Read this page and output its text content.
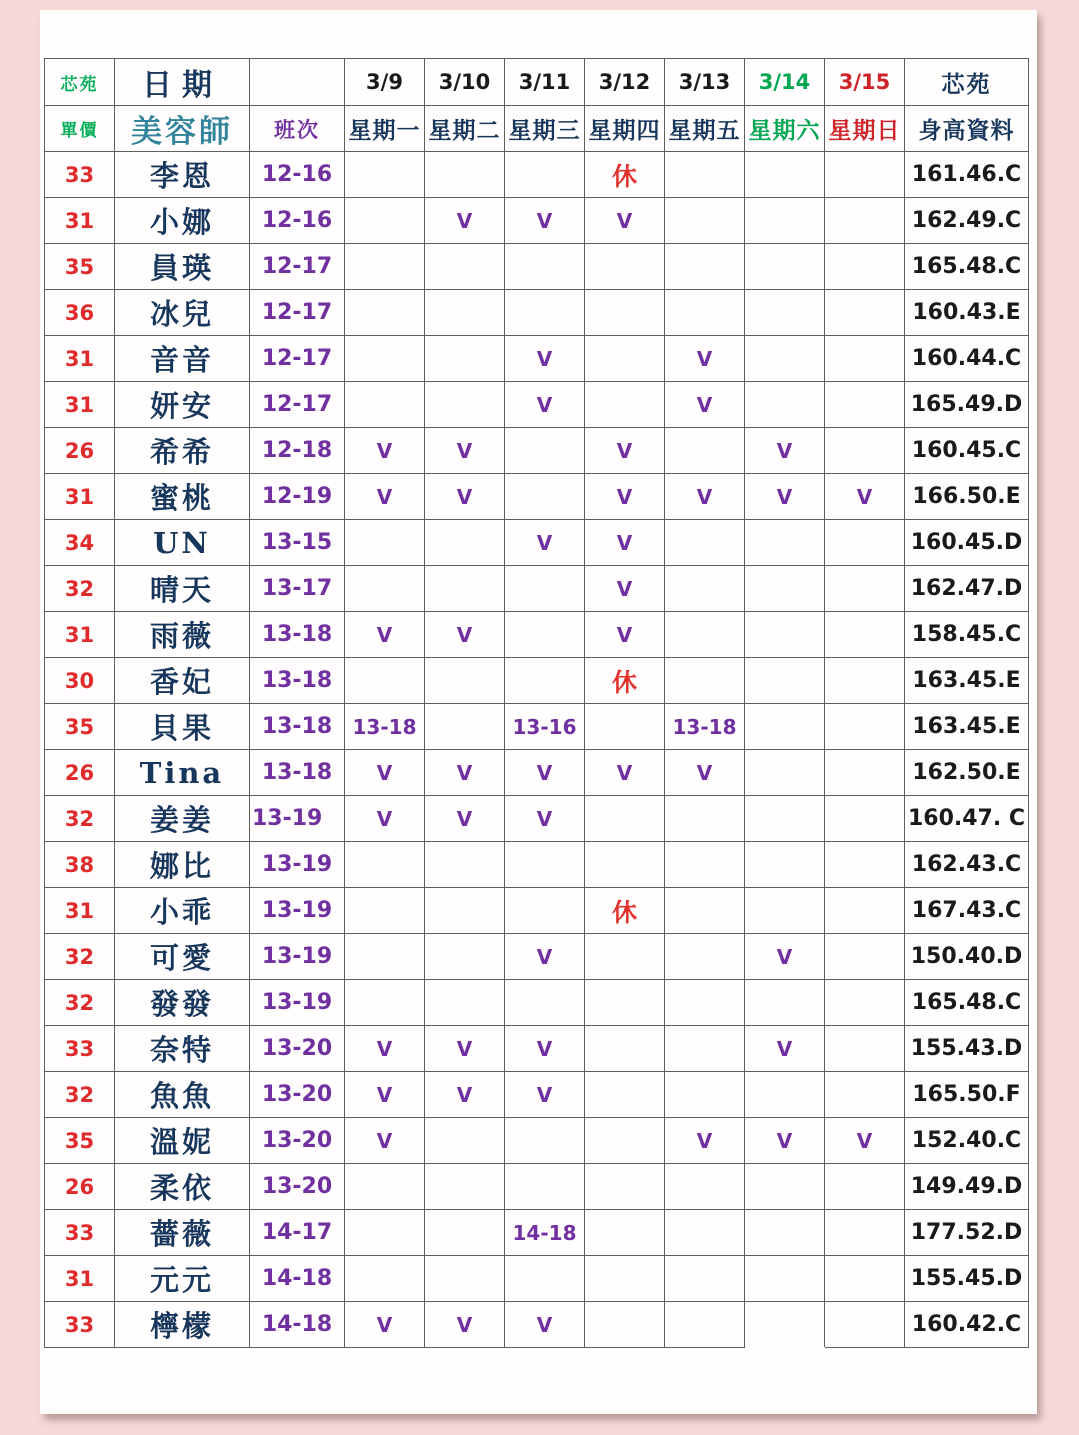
芯苑	日期		3/9	3/10	3/11	3/12	3/13	3/14	3/15	芯苑
單價	美容師	班次	星期一	星期二	星期三	星期四	星期五	星期六	星期日	身高資料
33	李恩	12-16				休				161.46.C
31	小娜	12-16		V	V	V				162.49.C
35	員瑛	12-17								165.48.C
36	冰兒	12-17								160.43.E
31	音音	12-17			V		V			160.44.C
31	妍安	12-17			V		V			165.49.D
26	希希	12-18	V	V		V		V		160.45.C
31	蜜桃	12-19	V	V		V	V	V	V	166.50.E
34	UN	13-15			V	V				160.45.D
32	晴天	13-17				V				162.47.D
31	雨薇	13-18	V	V		V				158.45.C
30	香妃	13-18				休				163.45.E
35	貝果	13-18	13-18		13-16		13-18			163.45.E
26	Tina	13-18	V	V	V	V	V			162.50.E
32	姜姜	13-19	V	V	V					160.47. C
38	娜比	13-19								162.43.C
31	小乖	13-19				休				167.43.C
32	可愛	13-19			V			V		150.40.D
32	發發	13-19								165.48.C
33	奈特	13-20	V	V	V			V		155.43.D
32	魚魚	13-20	V	V	V					165.50.F
35	溫妮	13-20	V				V	V	V	152.40.C
26	柔依	13-20								149.49.D
33	薔薇	14-17			14-18					177.52.D
31	元元	14-18								155.45.D
33	檸檬	14-18	V	V	V					160.42.C
